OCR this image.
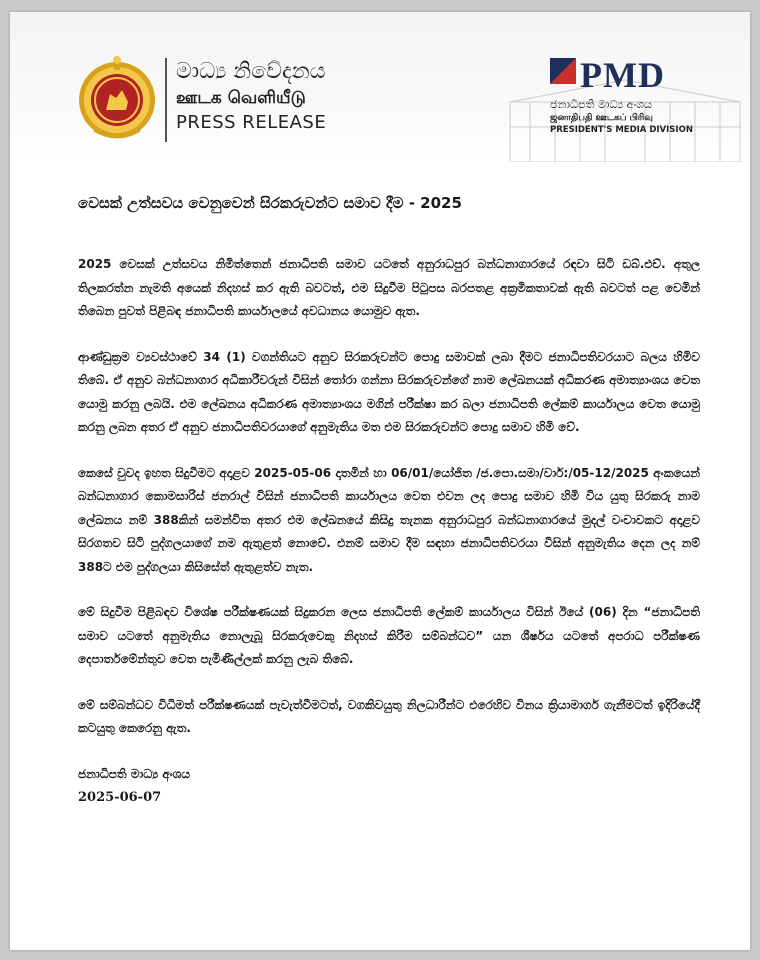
මාධ්‍ය නිවේදනය
ஊடக வெளியீடு
PRESS RELEASE
PMD
ජනාධිපති මාධ්‍ය අංශය
ஜனாதிபதி ஊடகப் பிரிவு
PRESIDENT'S MEDIA DIVISION
වෙසක් උත්සවය වෙනුවෙන් සිරකරුවන්ට සමාව දීම - 2025

2025 වෙසක් උත්සවය නිමිත්තෙන් ජනාධිපති සමාව යටතේ අනුරාධපුර බන්ධනාගාරයේ රඳවා සිටි ඩබ්.එච්. අතුල තිලකරත්න නැමති අයෙක් නිදහස් කර ඇති බවටත්, එම සිදුවීම පිටුපස බරපතළ අක්‍රමිකතාවක් ඇති බවටත් පළ වෙමින් තිබෙන පුවත් පිළිබඳ ජනාධිපති කාර්යාලයේ අවධානය යොමුව ඇත.

ආණ්ඩුක්‍රම ව්‍යවස්ථාවේ 34 (1) වගන්තියට අනුව සිරකරුවන්ට පොදු සමාවක් ලබා දීමට ජනාධිපතිවරයාට බලය හිමිව තිබේ. ඒ අනුව බන්ධනාගාර අධිකාරීවරුන් විසින් තෝරා ගන්නා සිරකරුවන්ගේ නාම ලේඛනයක් අධිකරණ අමාත්‍යාංශය වෙත යොමු කරනු ලබයි. එම ලේඛනය අධිකරණ අමාත්‍යාංශය මගින් පරීක්ෂා කර බලා ජනාධිපති ලේකම් කාර්යාලය වෙත යොමු කරනු ලබන අතර ඒ අනුව ජනාධිපතිවරයාගේ අනුමැතිය මත එම සිරකරුවන්ට පොදු සමාව හිමි වේ.

කෙසේ වුවද ඉහත සිදුවීමට අදාළව 2025-05-06 දාතමින් හා 06/01/යෝජිත /ජ.පො.සමා/වාර්:/05-12/2025 අංකයෙන් බන්ධනාගාර කොමසාරිස් ජනරාල් විසින් ජනාධිපති කාර්යාලය වෙත එවන ලද පොදු සමාව හිමි විය යුතු සිරකරු නාම ලේඛනය නම් 388කින් සමන්විත අතර එම ලේඛනයේ කිසිදු තැනක අනුරාධපුර බන්ධනාගාරයේ මුදල් වංචාවකට අදාළව සිරගතව සිටි පුද්ගලයාගේ නම ඇතුළත් නොවේ. එනම් සමාව දීම සඳහා ජනාධිපතිවරයා විසින් අනුමැතිය දෙන ලද නම් 388ට එම පුද්ගලයා කිසිසේත් ඇතුළත්ව නැත.

මේ සිදුවීම පිළිබඳව විශේෂ පරීක්ෂණයක් සිදුකරන ලෙස ජනාධිපති ලේකම් කාර්යාලය විසින් ඊයේ (06) දින “ජනාධිපති සමාව යටතේ අනුමැතිය නොලැබූ සිරකරුවෙකු නිදහස් කිරීම සම්බන්ධව” යන ශීර්ෂය යටතේ අපරාධ පරීක්ෂණ දෙපාර්තමේන්තුව වෙත පැමිණිල්ලක් කරනු ලැබ තිබේ.

මේ සම්බන්ධව විධිමත් පරීක්ෂණයක් පැවැත්වීමටත්, වගකිවයුතු නිලධාරීන්ට එරෙහිව විනය ක්‍රියාමාර්ග ගැනීමටත් ඉදිරියේදී කටයුතු කෙරෙනු ඇත.

ජනාධිපති මාධ්‍ය අංශය
2025-06-07
